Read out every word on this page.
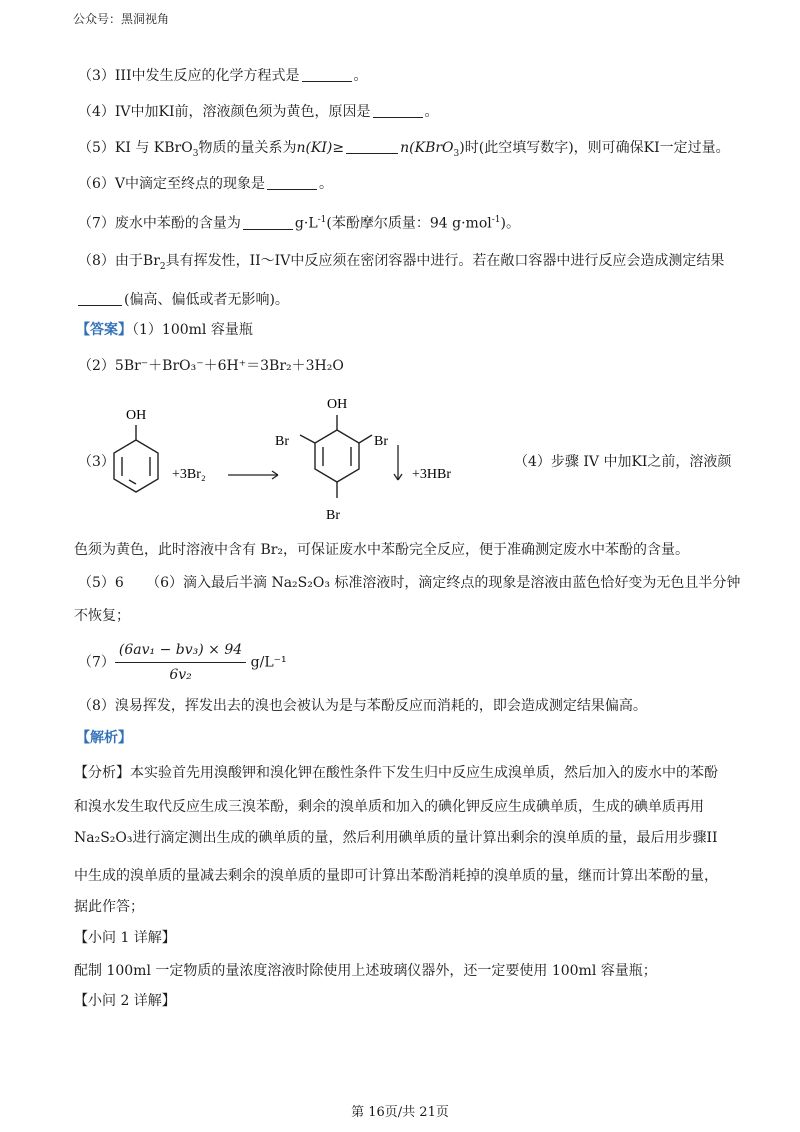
公众号：黑洞视角
（3）III中发生反应的化学方程式是	。
（4）IV中加KI前，溶液颜色须为黄色，原因是	。
（5）KI 与 KBrO$_3$物质的量关系为n(KI)≥	n(KBrO$_3$)时(此空填写数字)，则可确保KI一定过量。
（6）V中滴定至终点的现象是	。
（7）废水中苯酚的含量为	$g\cdot L^{-1}$(苯酚摩尔质量：94 g·mol$^{-1}$)。
（8）由于$Br_2$具有挥发性，II～IV中反应须在密闭容器中进行。若在敞口容器中进行反应会造成测定结果
(偏高、偏低或者无影响)。
【答案】（1）100ml 容量瓶
（2）5Br⁻＋BrO₃⁻＋6H⁺＝3Br₂＋3H₂O
（3）
OH
+3Br₂
OH
Br	Br
Br
+3HBr
（4）步骤 IV 中加KI之前，溶液颜
色须为黄色，此时溶液中含有 Br₂，可保证废水中苯酚完全反应，便于准确测定废水中苯酚的含量。
（5）6 （6）滴入最后半滴 Na₂S₂O₃ 标准溶液时，滴定终点的现象是溶液由蓝色恰好变为无色且半分钟
不恢复；
$(7) \frac{\text{(6av₁ − bv₃) × 94}}{\text{6v₂}} g/L^{-1}$
（8）溴易挥发，挥发出去的溴也会被认为是与苯酚反应而消耗的，即会造成测定结果偏高。
【解析】
【分析】本实验首先用溴酸钾和溴化钾在酸性条件下发生归中反应生成溴单质，然后加入的废水中的苯酚
和溴水发生取代反应生成三溴苯酚，剩余的溴单质和加入的碘化钾反应生成碘单质，生成的碘单质再用
Na₂S₂O₃进行滴定测出生成的碘单质的量，然后利用碘单质的量计算出剩余的溴单质的量，最后用步骤II
中生成的溴单质的量减去剩余的溴单质的量即可计算出苯酚消耗掉的溴单质的量，继而计算出苯酚的量，
据此作答；
【小问 1 详解】
配制 100ml 一定物质的量浓度溶液时除使用上述玻璃仪器外，还一定要使用 100ml 容量瓶；
【小问 2 详解】
第 16页/共 21页
